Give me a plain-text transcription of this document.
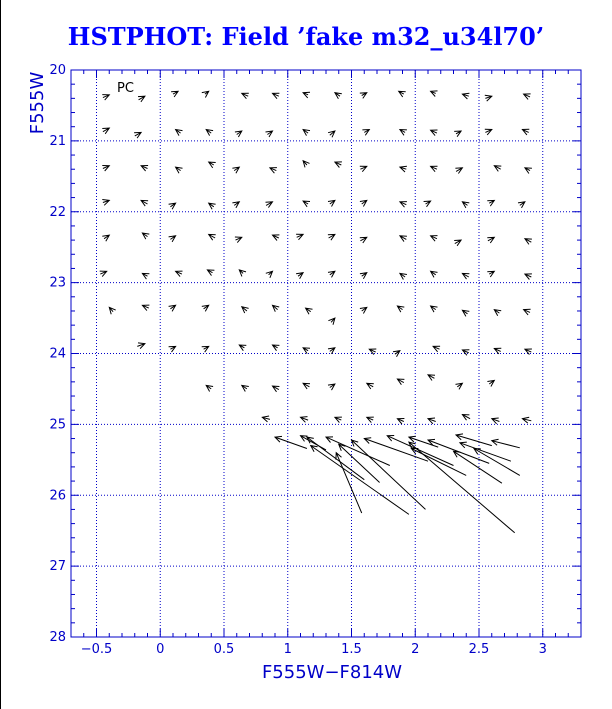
HSTPHOT: Field ’fake m32_u34l70’
−0.5	0	0.5	1	1.5	2	2.5	3
20
21
22
23
24
25
26
27
28
F555W−F814W
F555W	PC
